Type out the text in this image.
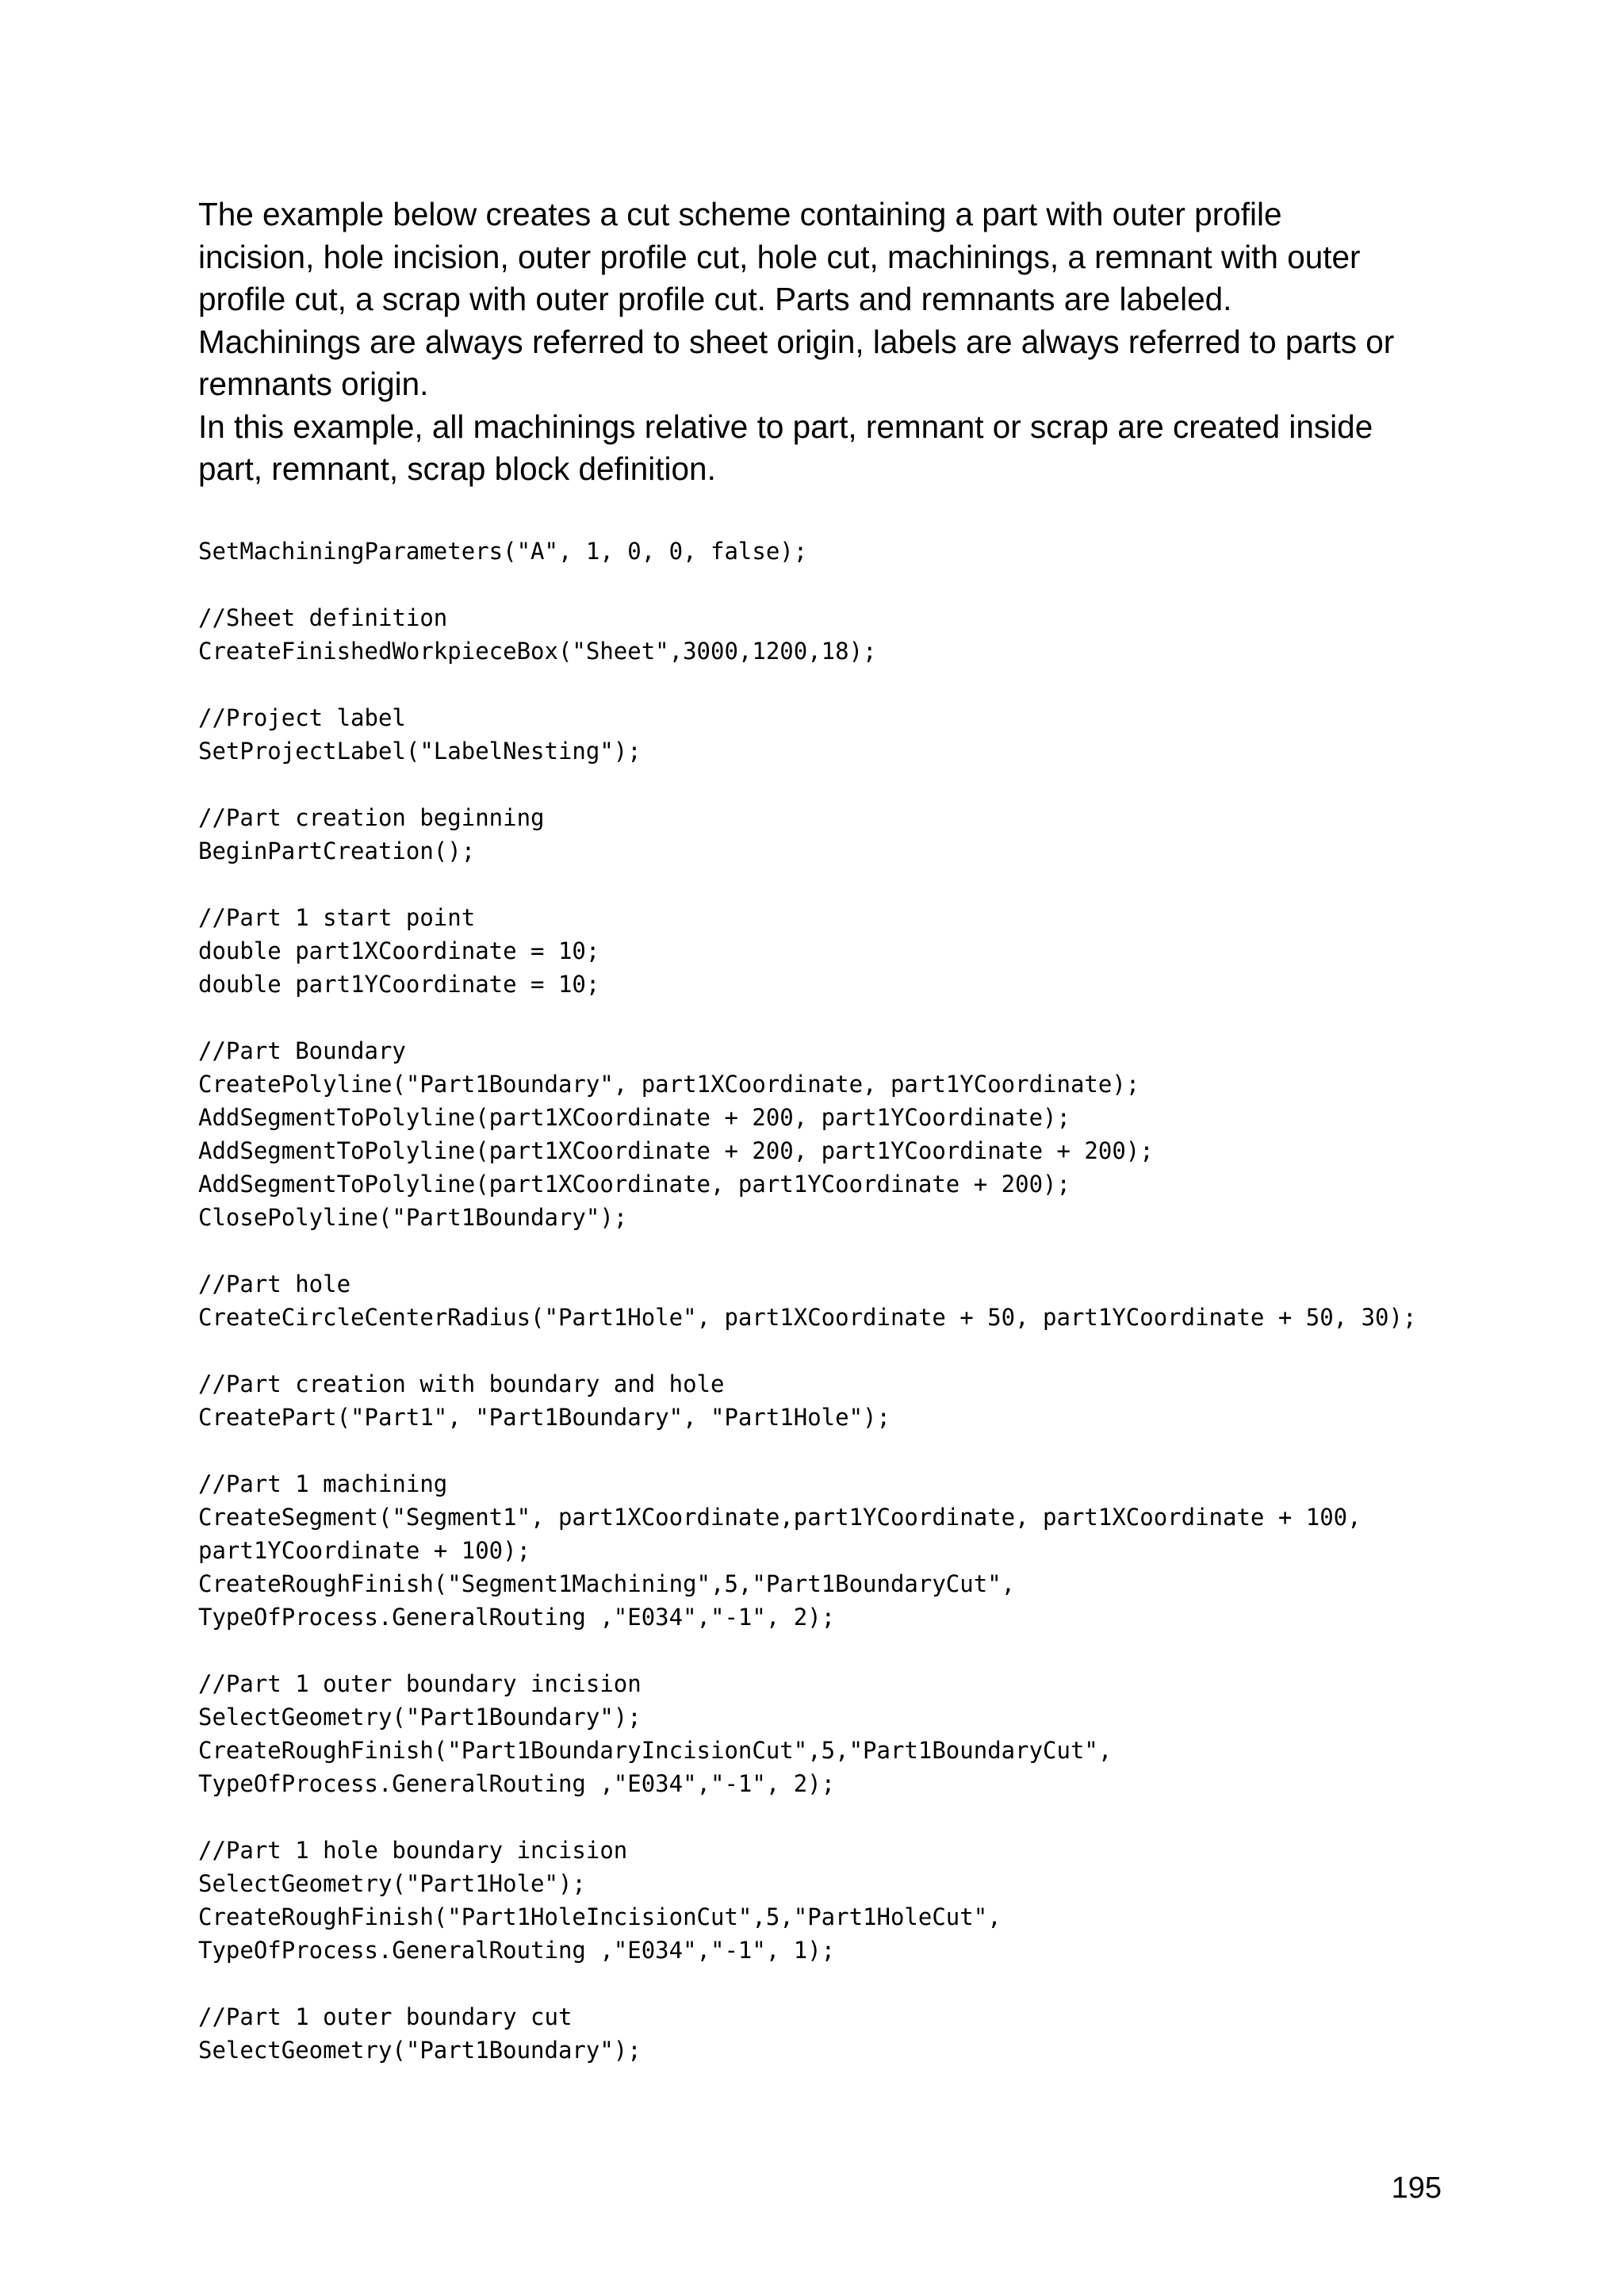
The example below creates a cut scheme containing a part with outer profile

incision, hole incision, outer profile cut, hole cut, machinings, a remnant with outer

profile cut, a scrap with outer profile cut. Parts and remnants are labeled.

Machinings are always referred to sheet origin, labels are always referred to parts or

remnants origin.

In this example, all machinings relative to part, remnant or scrap are created inside

part, remnant, scrap block definition.

SetMachiningParameters("A", 1, 0, 0, false);
//Sheet definition
CreateFinishedWorkpieceBox("Sheet",3000,1200,18);
//Project label
SetProjectLabel("LabelNesting");
//Part creation beginning
BeginPartCreation();
//Part 1 start point
double part1XCoordinate = 10;
double part1YCoordinate = 10;
//Part Boundary
CreatePolyline("Part1Boundary", part1XCoordinate, part1YCoordinate);
AddSegmentToPolyline(part1XCoordinate + 200, part1YCoordinate);
AddSegmentToPolyline(part1XCoordinate + 200, part1YCoordinate + 200);
AddSegmentToPolyline(part1XCoordinate, part1YCoordinate + 200);
ClosePolyline("Part1Boundary");
//Part hole
CreateCircleCenterRadius("Part1Hole", part1XCoordinate + 50, part1YCoordinate + 50, 30);
//Part creation with boundary and hole
CreatePart("Part1", "Part1Boundary", "Part1Hole");
//Part 1 machining
CreateSegment("Segment1", part1XCoordinate,part1YCoordinate, part1XCoordinate + 100,
part1YCoordinate + 100);
CreateRoughFinish("Segment1Machining",5,"Part1BoundaryCut",
TypeOfProcess.GeneralRouting ,"E034","-1", 2);
//Part 1 outer boundary incision
SelectGeometry("Part1Boundary");
CreateRoughFinish("Part1BoundaryIncisionCut",5,"Part1BoundaryCut",
TypeOfProcess.GeneralRouting ,"E034","-1", 2);
//Part 1 hole boundary incision
SelectGeometry("Part1Hole");
CreateRoughFinish("Part1HoleIncisionCut",5,"Part1HoleCut",
TypeOfProcess.GeneralRouting ,"E034","-1", 1);
//Part 1 outer boundary cut
SelectGeometry("Part1Boundary");
195
